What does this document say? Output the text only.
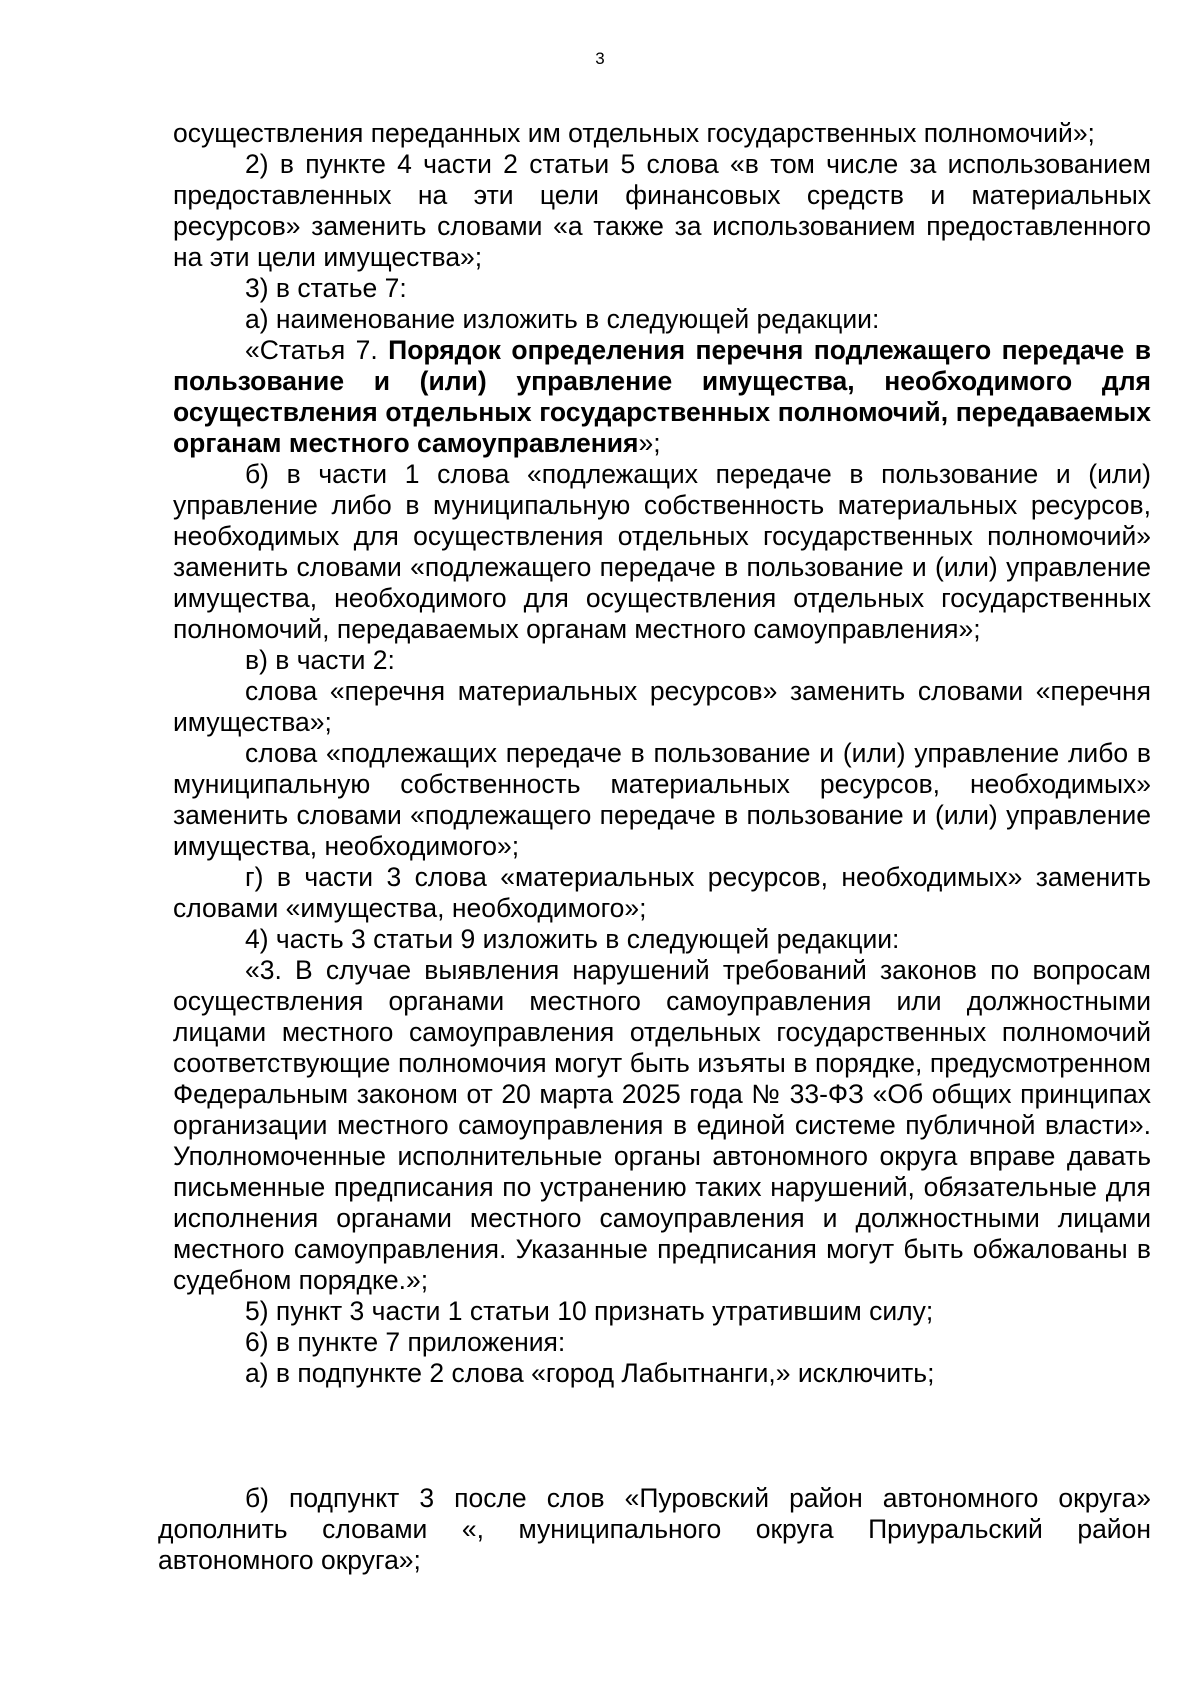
3

осуществления переданных им отдельных государственных полномочий»;

2) в пункте 4 части 2 статьи 5 слова «в том числе за использованием предоставленных на эти цели финансовых средств и материальных ресурсов» заменить словами «а также за использованием предоставленного на эти цели имущества»;

3) в статье 7:

а) наименование изложить в следующей редакции:

«Статья 7. Порядок определения перечня подлежащего передаче в пользование и (или) управление имущества, необходимого для осуществления отдельных государственных полномочий, передаваемых органам местного самоуправления»;

б) в части 1 слова «подлежащих передаче в пользование и (или) управление либо в муниципальную собственность материальных ресурсов, необходимых для осуществления отдельных государственных полномочий» заменить словами «подлежащего передаче в пользование и (или) управление имущества, необходимого для осуществления отдельных государственных полномочий, передаваемых органам местного самоуправления»;

в) в части 2:

слова «перечня материальных ресурсов» заменить словами «перечня имущества»;

слова «подлежащих передаче в пользование и (или) управление либо в муниципальную собственность материальных ресурсов, необходимых» заменить словами «подлежащего передаче в пользование и (или) управление имущества, необходимого»;

г) в части 3 слова «материальных ресурсов, необходимых» заменить словами «имущества, необходимого»;

4) часть 3 статьи 9 изложить в следующей редакции:

«3. В случае выявления нарушений требований законов по вопросам осуществления органами местного самоуправления или должностными лицами местного самоуправления отдельных государственных полномочий соответствующие полномочия могут быть изъяты в порядке, предусмотренном Федеральным законом от 20 марта 2025 года № 33-ФЗ «Об общих принципах организации местного самоуправления в единой системе публичной власти». Уполномоченные исполнительные органы автономного округа вправе давать письменные предписания по устранению таких нарушений, обязательные для исполнения органами местного самоуправления и должностными лицами местного самоуправления. Указанные предписания могут быть обжалованы в судебном порядке.»;

5) пункт 3 части 1 статьи 10 признать утратившим силу;

6) в пункте 7 приложения:

а) в подпункте 2 слова «город Лабытнанги,» исключить;

б) подпункт 3 после слов «Пуровский район автономного округа» дополнить словами «, муниципального округа Приуральский район автономного округа»;
